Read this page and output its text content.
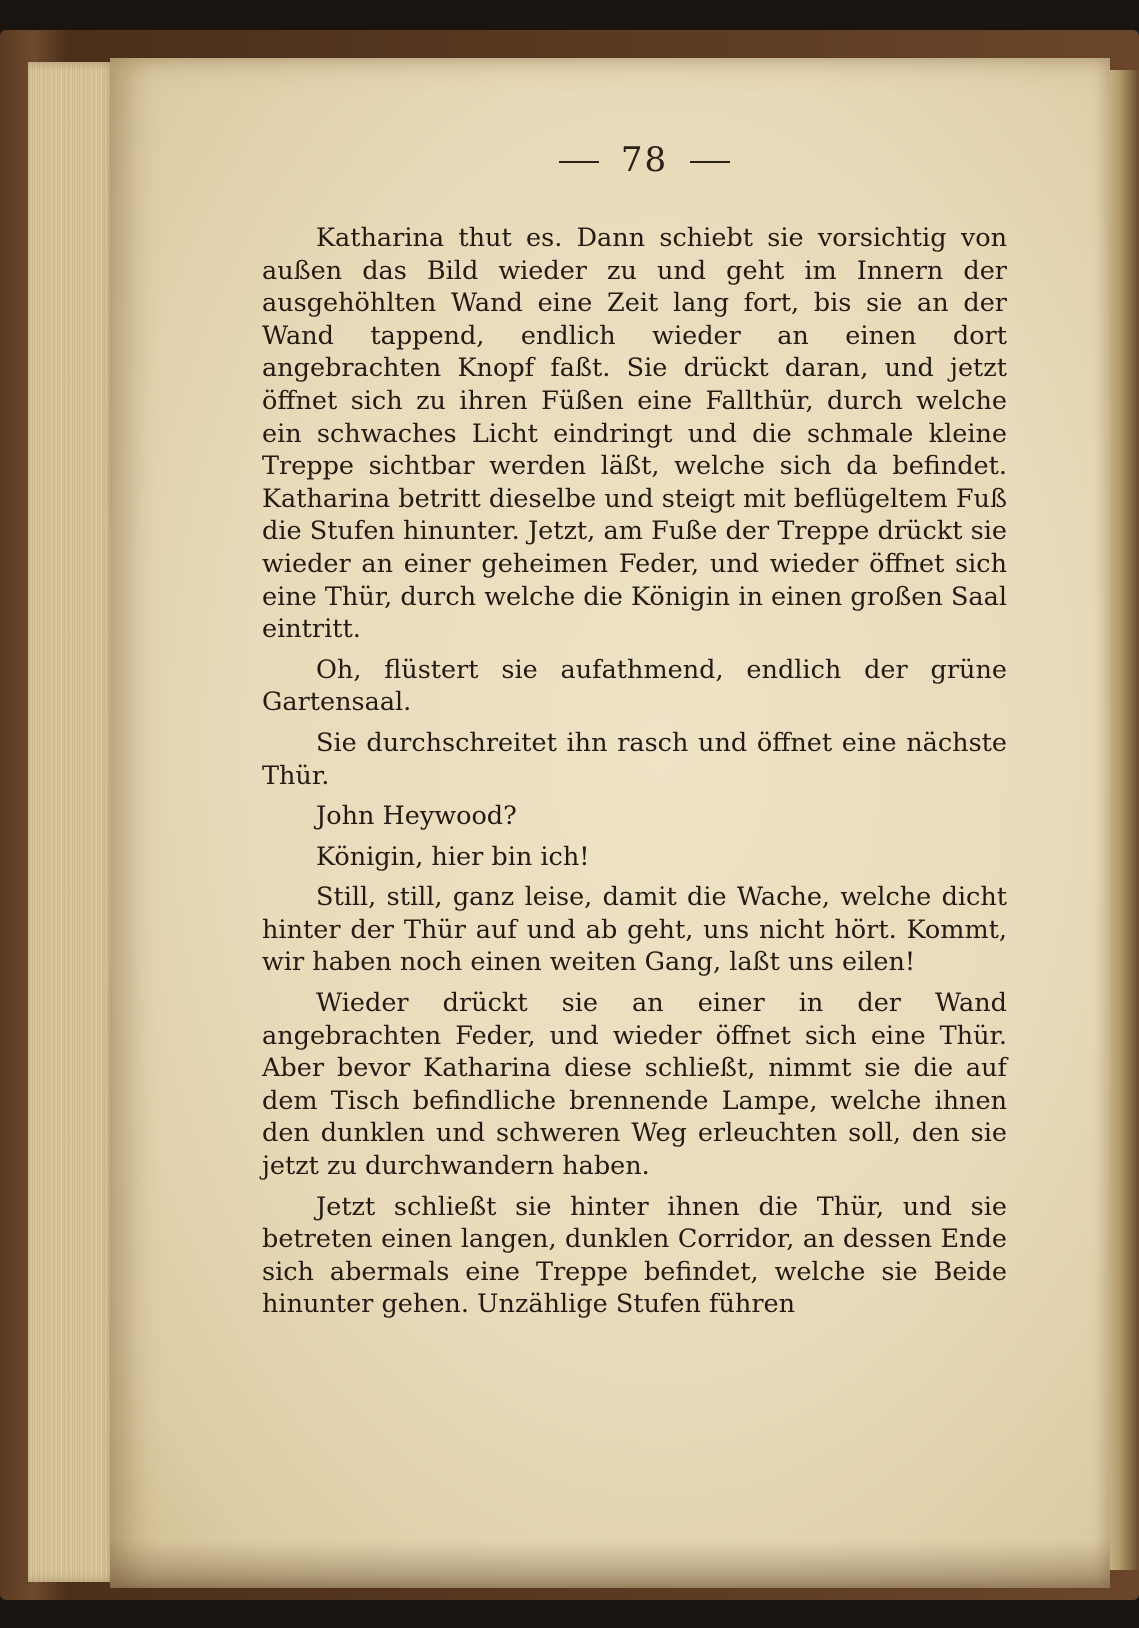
78

Katharina thut es. Dann schiebt sie vorsichtig von außen das Bild wieder zu und geht im Innern der ausgehöhlten Wand eine Zeit lang fort, bis sie an der Wand tappend, endlich wieder an einen dort angebrachten Knopf faßt. Sie drückt daran, und jetzt öffnet sich zu ihren Füßen eine Fallthür, durch welche ein schwaches Licht eindringt und die schmale kleine Treppe sichtbar werden läßt, welche sich da befindet. Katharina betritt dieselbe und steigt mit beflügeltem Fuß die Stufen hinunter. Jetzt, am Fuße der Treppe drückt sie wieder an einer geheimen Feder, und wieder öffnet sich eine Thür, durch welche die Königin in einen großen Saal eintritt.

Oh, flüstert sie aufathmend, endlich der grüne Gartensaal.

Sie durchschreitet ihn rasch und öffnet eine nächste Thür.

John Heywood?

Königin, hier bin ich!

Still, still, ganz leise, damit die Wache, welche dicht hinter der Thür auf und ab geht, uns nicht hört. Kommt, wir haben noch einen weiten Gang, laßt uns eilen!

Wieder drückt sie an einer in der Wand angebrachten Feder, und wieder öffnet sich eine Thür. Aber bevor Katharina diese schließt, nimmt sie die auf dem Tisch befindliche brennende Lampe, welche ihnen den dunklen und schweren Weg erleuchten soll, den sie jetzt zu durchwandern haben.

Jetzt schließt sie hinter ihnen die Thür, und sie betreten einen langen, dunklen Corridor, an dessen Ende sich abermals eine Treppe befindet, welche sie Beide hinunter gehen. Unzählige Stufen führen
